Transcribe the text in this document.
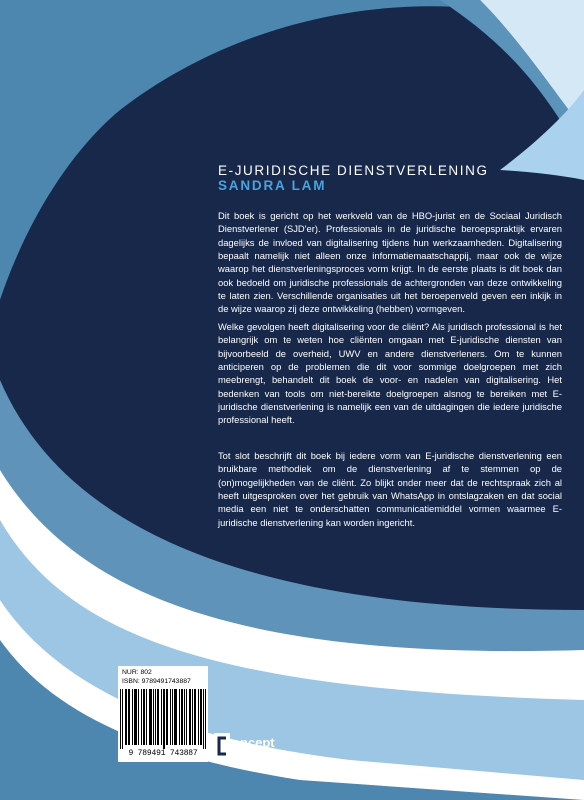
E-JURIDISCHE DIENSTVERLENING
SANDRA LAM

Dit boek is gericht op het werkveld van de HBO-jurist en de Sociaal Juridisch Dienstverlener (SJD'er). Professionals in de juridische beroepspraktijk ervaren dagelijks de invloed van digitalisering tijdens hun werkzaamheden. Digitalisering bepaalt namelijk niet alleen onze informatiemaatschappij, maar ook de wijze waarop het dienstverleningsproces vorm krijgt. In de eerste plaats is dit boek dan ook bedoeld om juridische professionals de achtergronden van deze ontwikkeling te laten zien. Verschillende organisaties uit het beroepenveld geven een inkijk in de wijze waarop zij deze ontwikkeling (hebben) vormgeven.

Welke gevolgen heeft digitalisering voor de cliënt? Als juridisch professional is het belangrijk om te weten hoe cliënten omgaan met E-juridische diensten van bijvoorbeeld de overheid, UWV en andere dienstverleners. Om te kunnen anticiperen op de problemen die dit voor sommige doelgroepen met zich meebrengt, behandelt dit boek de voor- en nadelen van digitalisering. Het bedenken van tools om niet-bereikte doelgroepen alsnog te bereiken met E-juridische dienstverlening is namelijk een van de uitdagingen die iedere juridische professional heeft.

Tot slot beschrijft dit boek bij iedere vorm van E-juridische dienstverlening een bruikbare methodiek om de dienstverlening af te stemmen op de (on)mogelijkheden van de cliënt. Zo blijkt onder meer dat de rechtspraak zich al heeft uitgesproken over het gebruik van WhatsApp in ontslagzaken en dat social media een niet te onderschatten communicatiemiddel vormen waarmee E-juridische dienstverlening kan worden ingericht.

NUR: 802
ISBN: 9789491743887
9 789491 743887
oncept
uitgeefgroep
